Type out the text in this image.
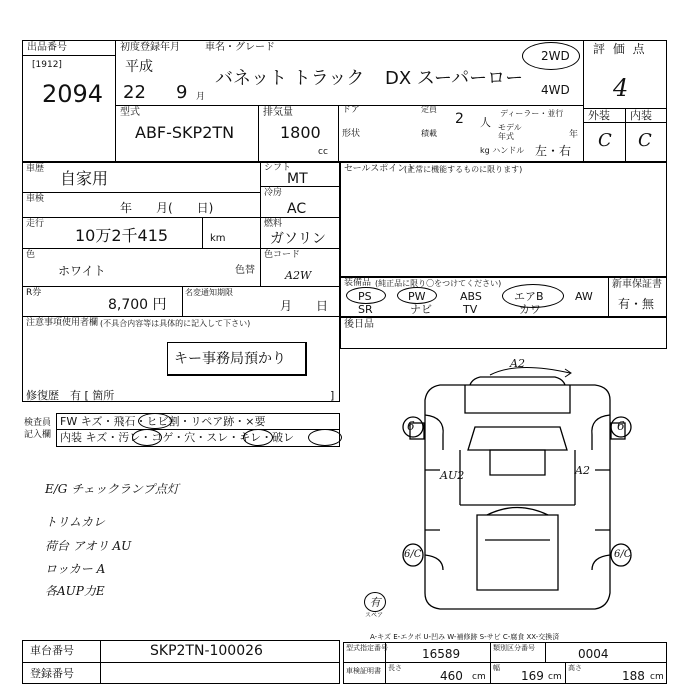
出品番号
[1912]
2094
初度登録年月	車名・グレード
平成
22 9 月
バネット トラック DX スーパーロー
2WD
4WD
評 価 点
4
型式
ABF-SKP2TN
排気量
1800
cc
ドア	定員
2 人
ディーラー・並行
形状	積載
モデル
年式	年
kg ハンドル 左・右
外装 内装
C C
車歴 自家用
車検
年　　月(　　日)
走行
10万2千415	km
色
ホワイト	色替
R券
8,700 円
名変通知期限
月　　日
シフト
MT
冷房
AC
燃料
ガソリン
色コード
A2W
注意事項使用者欄 (不具合内容等は具体的に記入して下さい)
キー事務局預かり
修復歴 有 [ 箇所	]
セールスポイント
(正常に機能するものに限ります)
装備品 (純正品に限り〇をつけてください)	新車保証書
有・無
PS	PW	ABS	エアB	AW
SR	ナビ	TV	カワ
後日品
検査員
記入欄
FW キズ・飛石・ヒビ割・リペア跡・×要
内装 キズ・汚レ・コゲ・穴・スレ・キレ・破レ
E/G チェックランプ点灯
トリムカレ
荷台 アオリ AU
ロッカー A
各AUP力E
A2
AU2	A2
6	6
6/C	6/C
有
スペア
A-キズ E-エクボ U-凹み W-補修跡 S-サビ C-腐食 XX-交換済
車台番号	SKP2TN-100026
登録番号
型式指定番号	16589	類別区分番号	0004
車検証明書 長さ
460 cm
幅
169 cm
高さ
188 cm
